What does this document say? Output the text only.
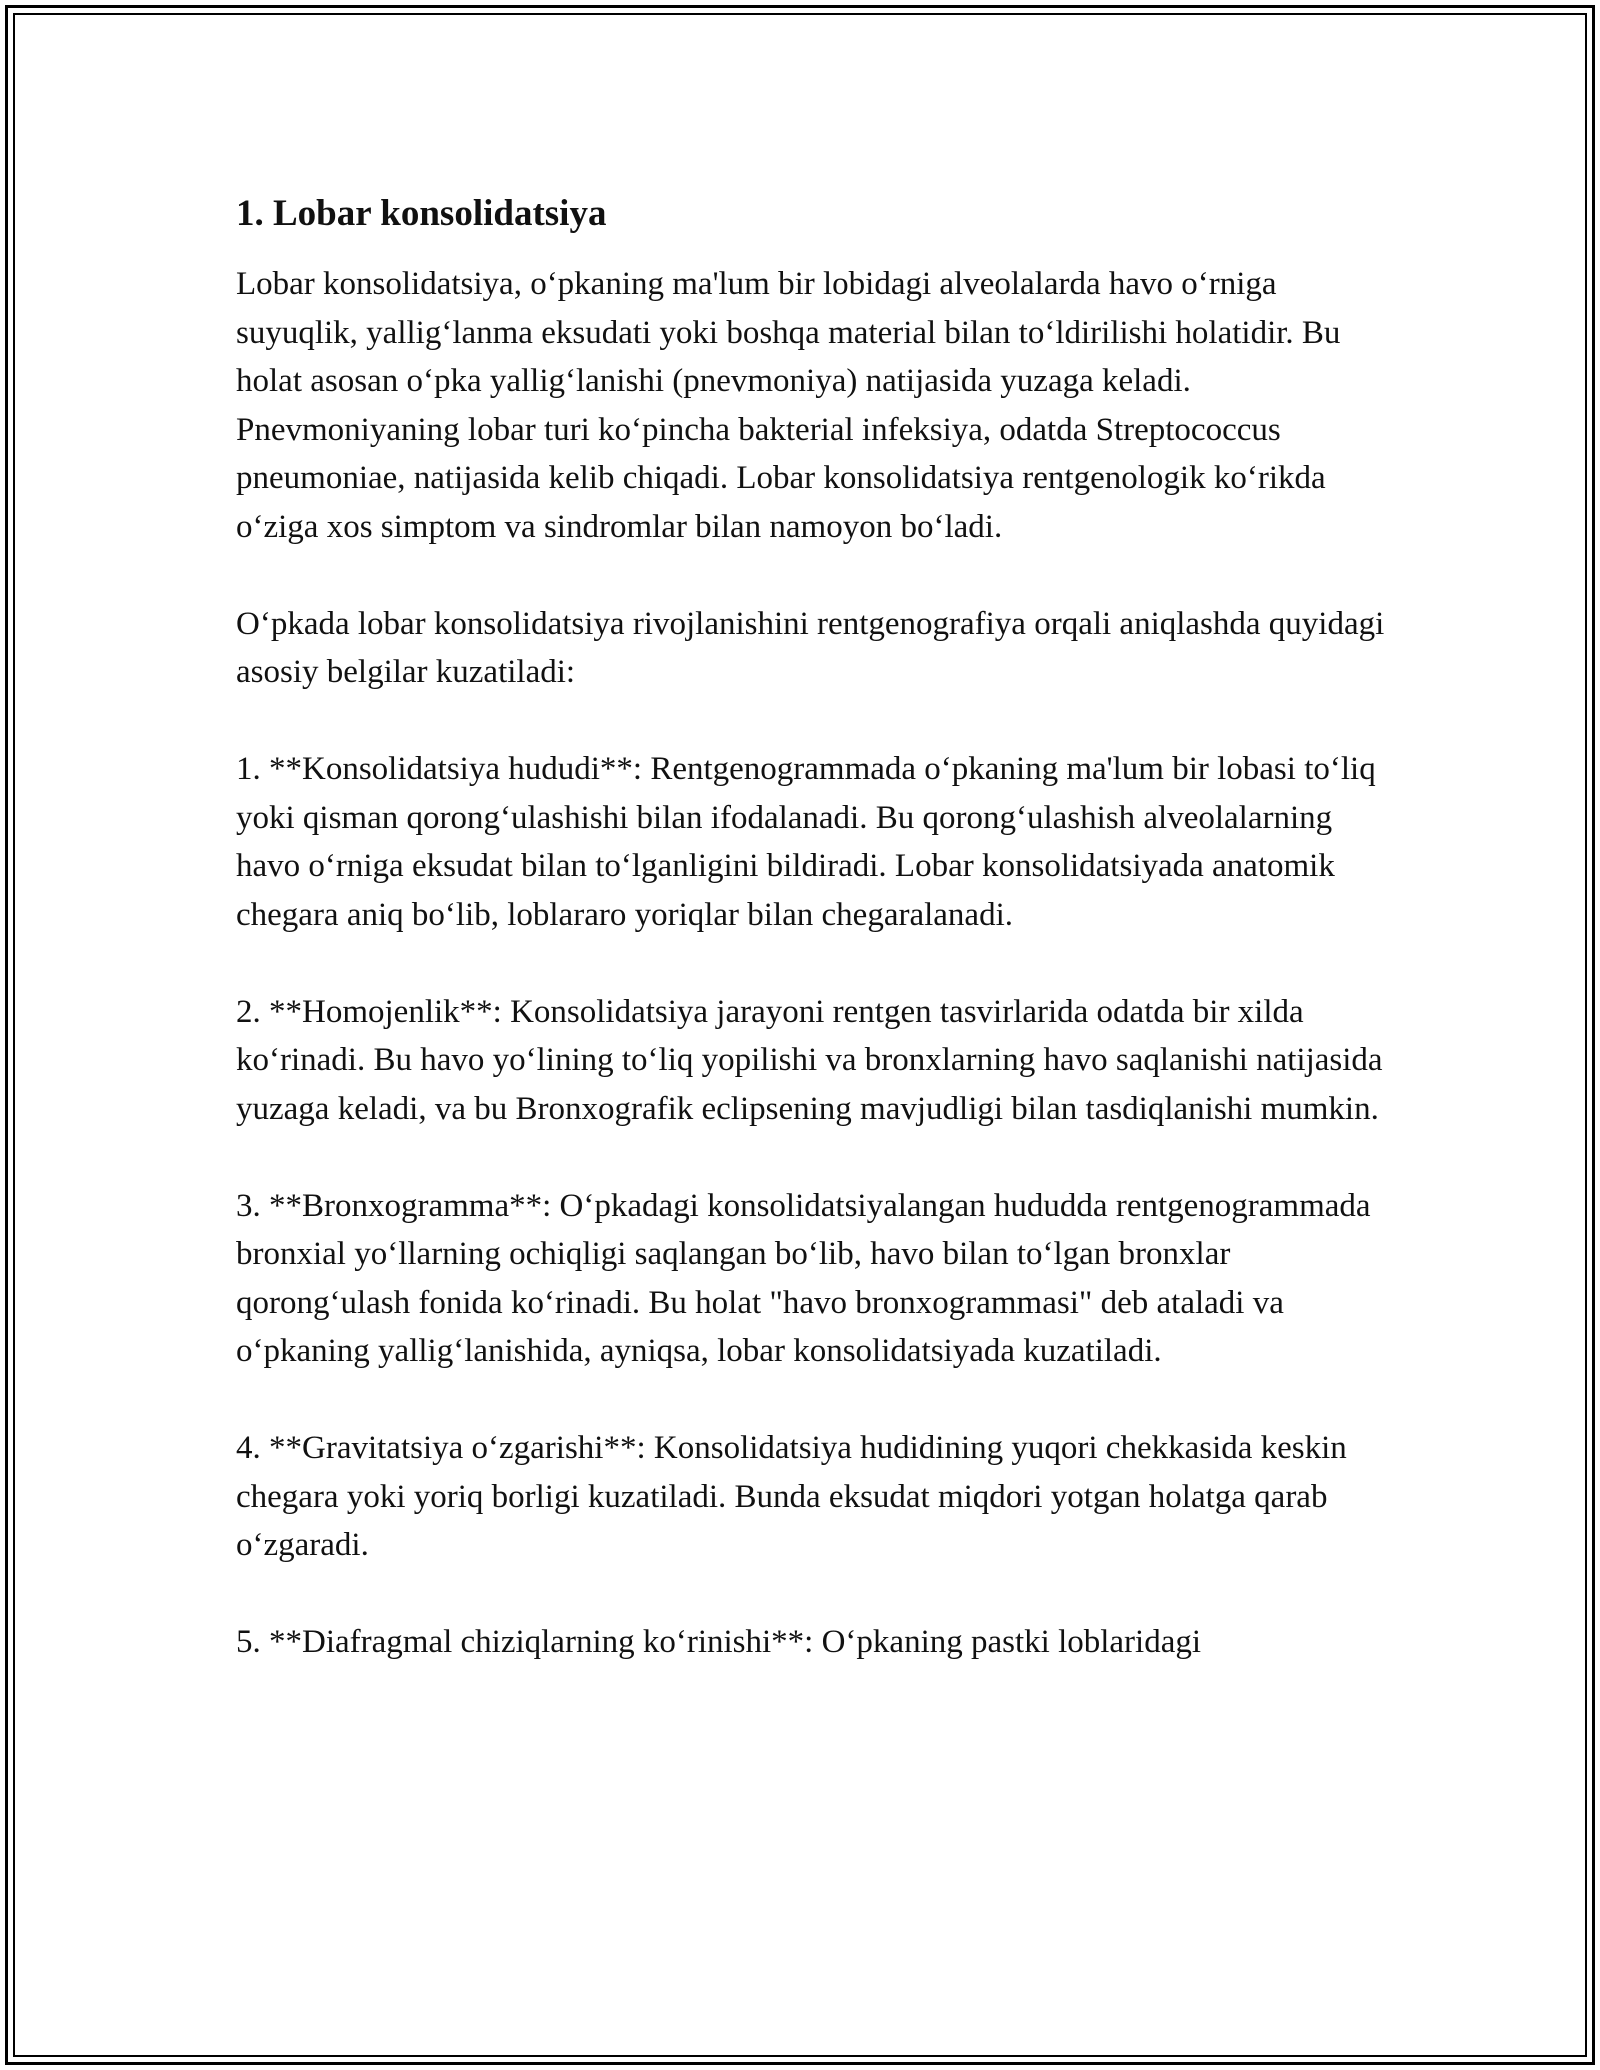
1. Lobar konsolidatsiya

Lobar konsolidatsiya, o‘pkaning ma'lum bir lobidagi alveolalarda havo o‘rniga suyuqlik, yallig‘lanma eksudati yoki boshqa material bilan to‘ldirilishi holatidir. Bu holat asosan o‘pka yallig‘lanishi (pnevmoniya) natijasida yuzaga keladi. Pnevmoniyaning lobar turi ko‘pincha bakterial infeksiya, odatda Streptococcus pneumoniae, natijasida kelib chiqadi. Lobar konsolidatsiya rentgenologik ko‘rikda o‘ziga xos simptom va sindromlar bilan namoyon bo‘ladi.

O‘pkada lobar konsolidatsiya rivojlanishini rentgenografiya orqali aniqlashda quyidagi asosiy belgilar kuzatiladi:

1. **Konsolidatsiya hududi**: Rentgenogrammada o‘pkaning ma'lum bir lobasi to‘liq yoki qisman qorong‘ulashishi bilan ifodalanadi. Bu qorong‘ulashish alveolalarning havo o‘rniga eksudat bilan to‘lganligini bildiradi. Lobar konsolidatsiyada anatomik chegara aniq bo‘lib, loblararo yoriqlar bilan chegaralanadi.

2. **Homojenlik**: Konsolidatsiya jarayoni rentgen tasvirlarida odatda bir xilda ko‘rinadi. Bu havo yo‘lining to‘liq yopilishi va bronxlarning havo saqlanishi natijasida yuzaga keladi, va bu Bronxografik eclipsening mavjudligi bilan tasdiqlanishi mumkin.

3. **Bronxogramma**: O‘pkadagi konsolidatsiyalangan hududda rentgenogrammada bronxial yo‘llarning ochiqligi saqlangan bo‘lib, havo bilan to‘lgan bronxlar qorong‘ulash fonida ko‘rinadi. Bu holat "havo bronxogrammasi" deb ataladi va o‘pkaning yallig‘lanishida, ayniqsa, lobar konsolidatsiyada kuzatiladi.

4. **Gravitatsiya o‘zgarishi**: Konsolidatsiya hudidining yuqori chekkasida keskin chegara yoki yoriq borligi kuzatiladi. Bunda eksudat miqdori yotgan holatga qarab o‘zgaradi.

5. **Diafragmal chiziqlarning ko‘rinishi**: O‘pkaning pastki loblaridagi
